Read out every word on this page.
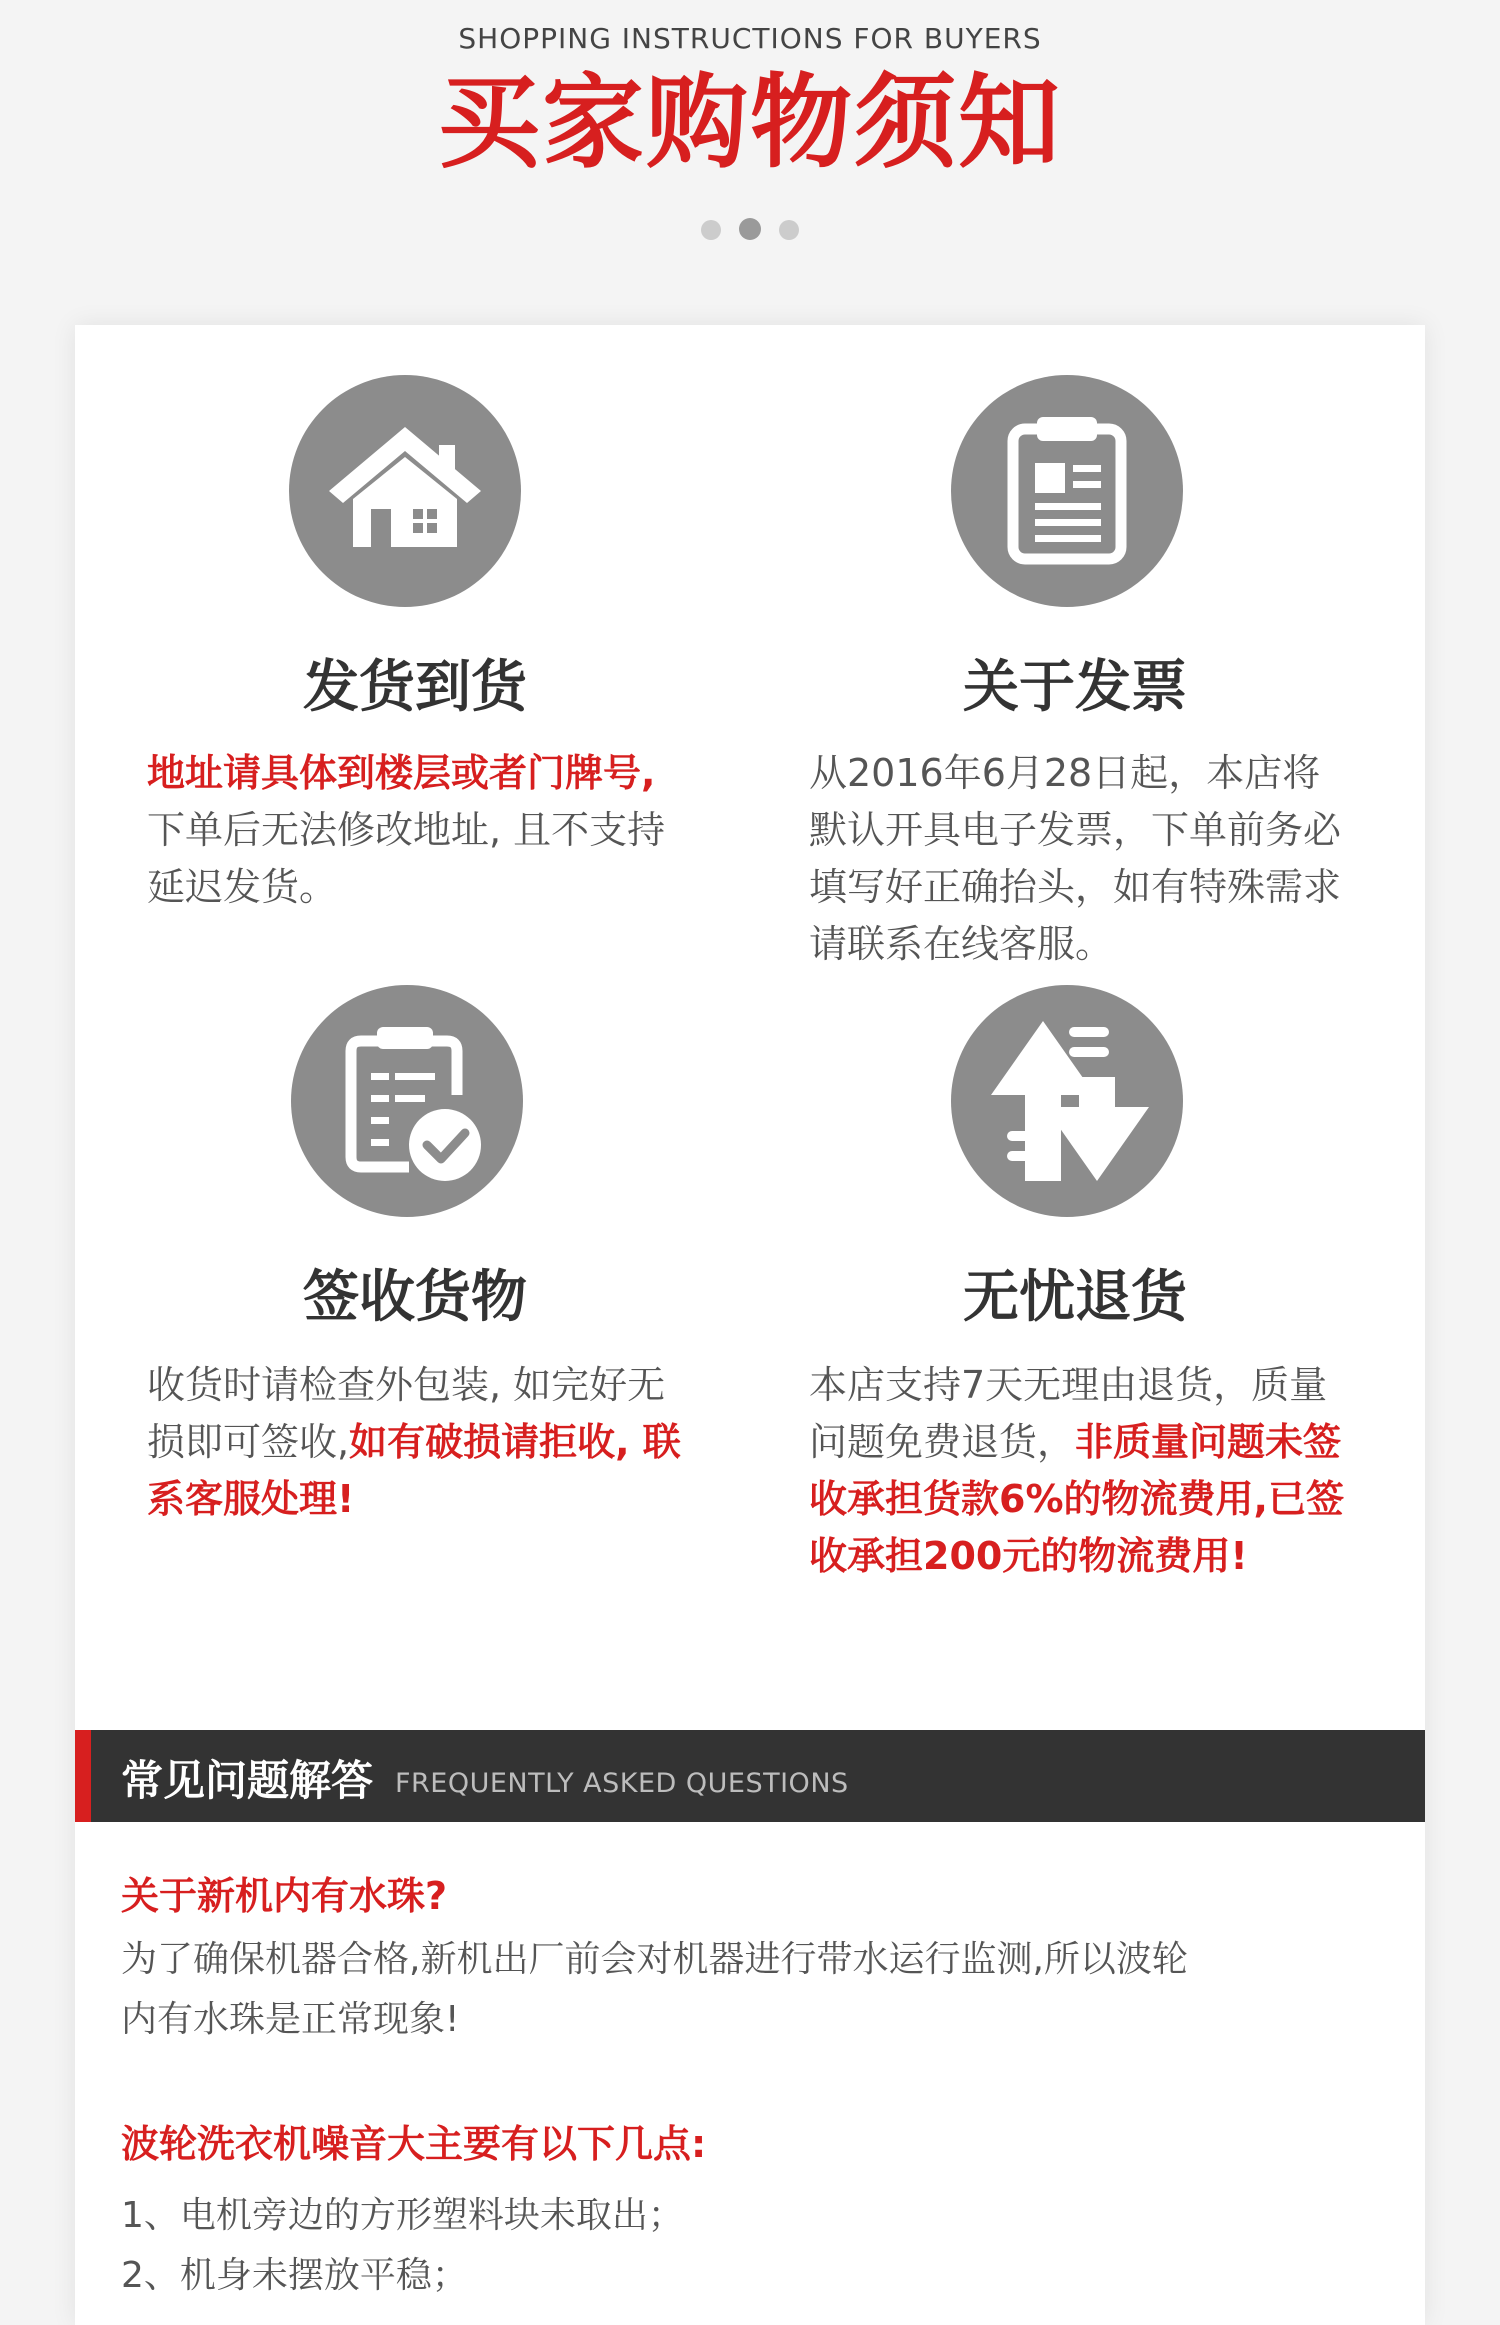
SHOPPING INSTRUCTIONS FOR BUYERS
买家购物须知
发货到货
地址请具体到楼层或者门牌号,下单后无法修改地址, 且不支持延迟发货。
关于发票
从2016年6月28日起，本店将默认开具电子发票，下单前务必填写好正确抬头，如有特殊需求请联系在线客服。
签收货物
收货时请检查外包装, 如完好无损即可签收,如有破损请拒收, 联系客服处理!
无忧退货
本店支持7天无理由退货，质量问题免费退货，非质量问题未签收承担货款6%的物流费用,已签收承担200元的物流费用!
常见问题解答 FREQUENTLY ASKED QUESTIONS
关于新机内有水珠?
为了确保机器合格,新机出厂前会对机器进行带水运行监测,所以波轮
内有水珠是正常现象!
波轮洗衣机噪音大主要有以下几点:
1、电机旁边的方形塑料块未取出；
2、机身未摆放平稳；
